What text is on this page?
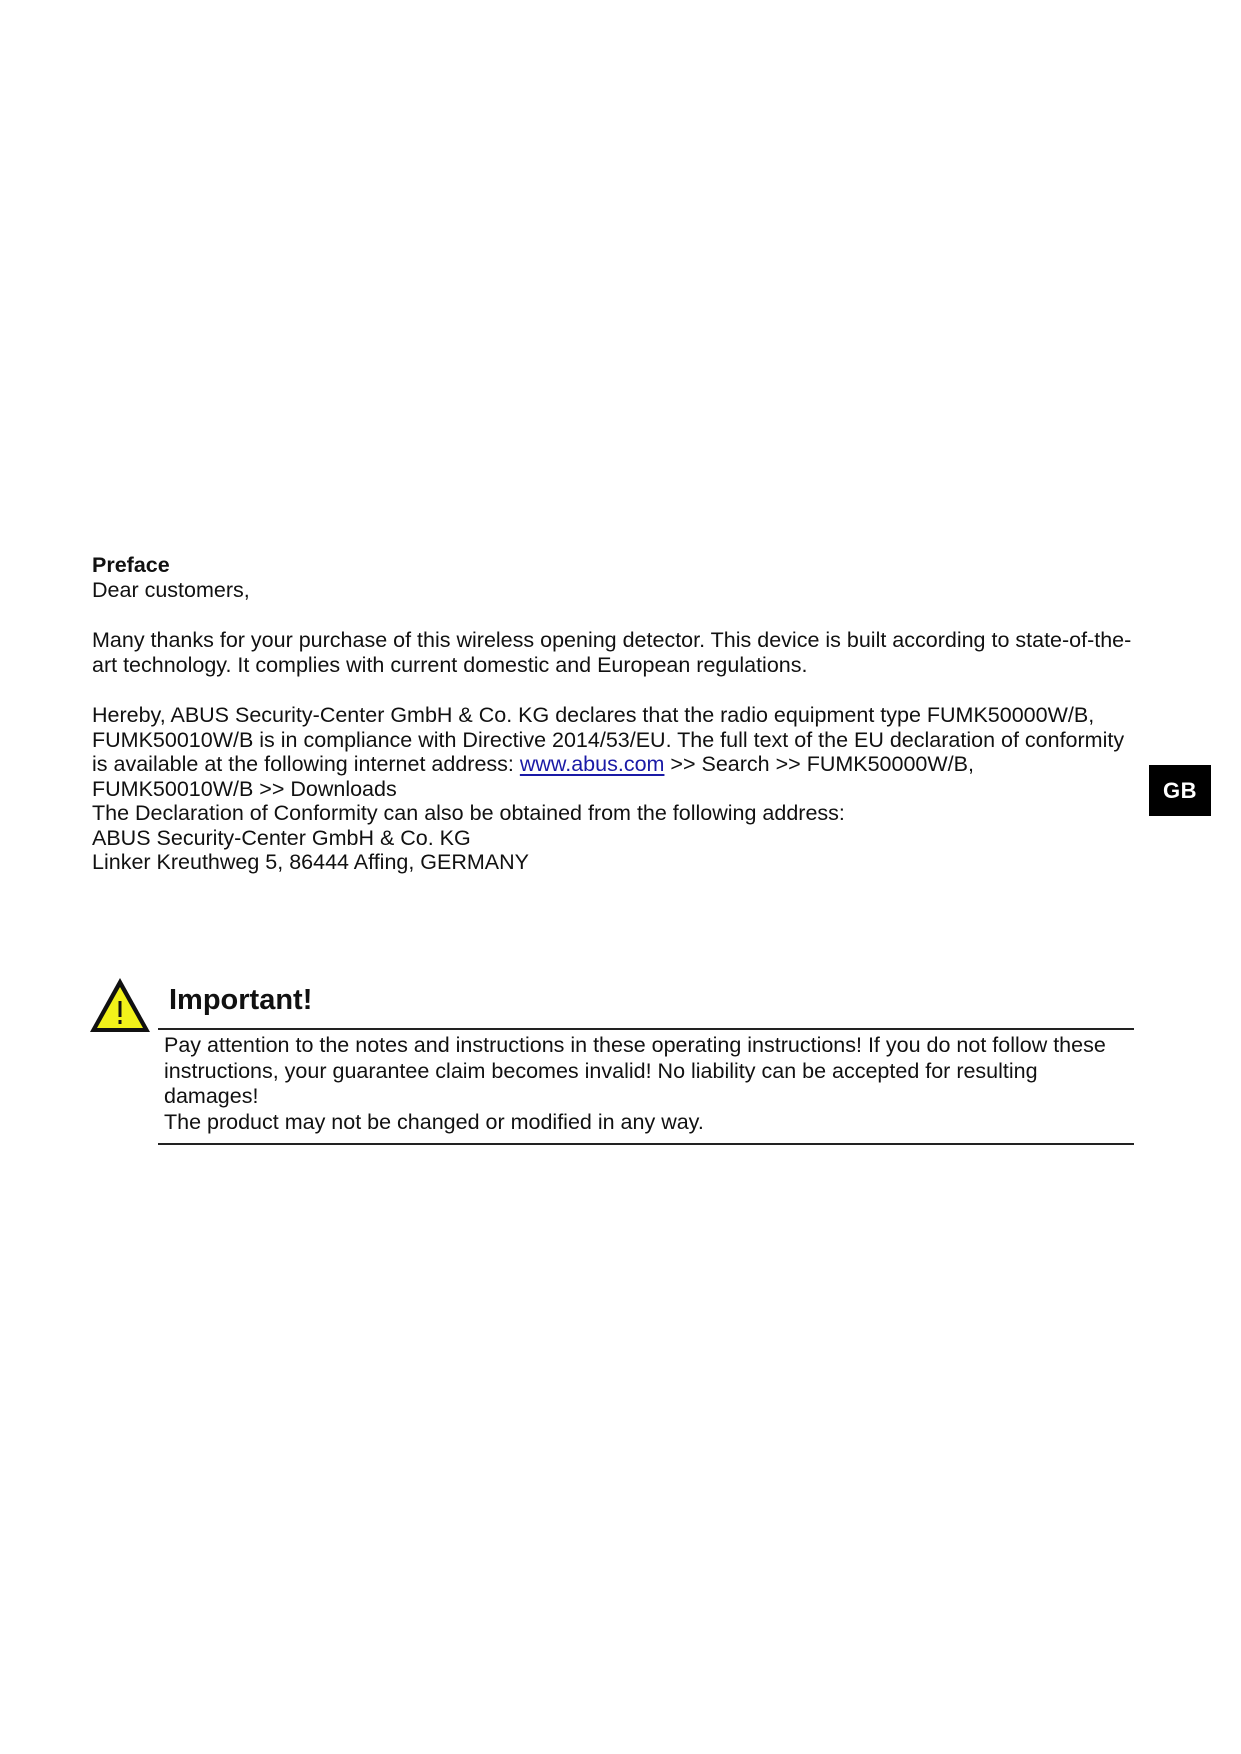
Preface

Dear customers,

Many thanks for your purchase of this wireless opening detector. This device is built according to state-of-the-art technology. It complies with current domestic and European regulations.

Hereby, ABUS Security-Center GmbH & Co. KG declares that the radio equipment type FUMK50000W/B, FUMK50010W/B is in compliance with Directive 2014/53/EU. The full text of the EU declaration of conformity is available at the following internet address: www.abus.com >> Search >> FUMK50000W/B, FUMK50010W/B >> Downloads

The Declaration of Conformity can also be obtained from the following address:

ABUS Security-Center GmbH & Co. KG

Linker Kreuthweg 5, 86444 Affing, GERMANY

GB
Important!

Pay attention to the notes and instructions in these operating instructions! If you do not follow these instructions, your guarantee claim becomes invalid! No liability can be accepted for resulting damages!

The product may not be changed or modified in any way.
